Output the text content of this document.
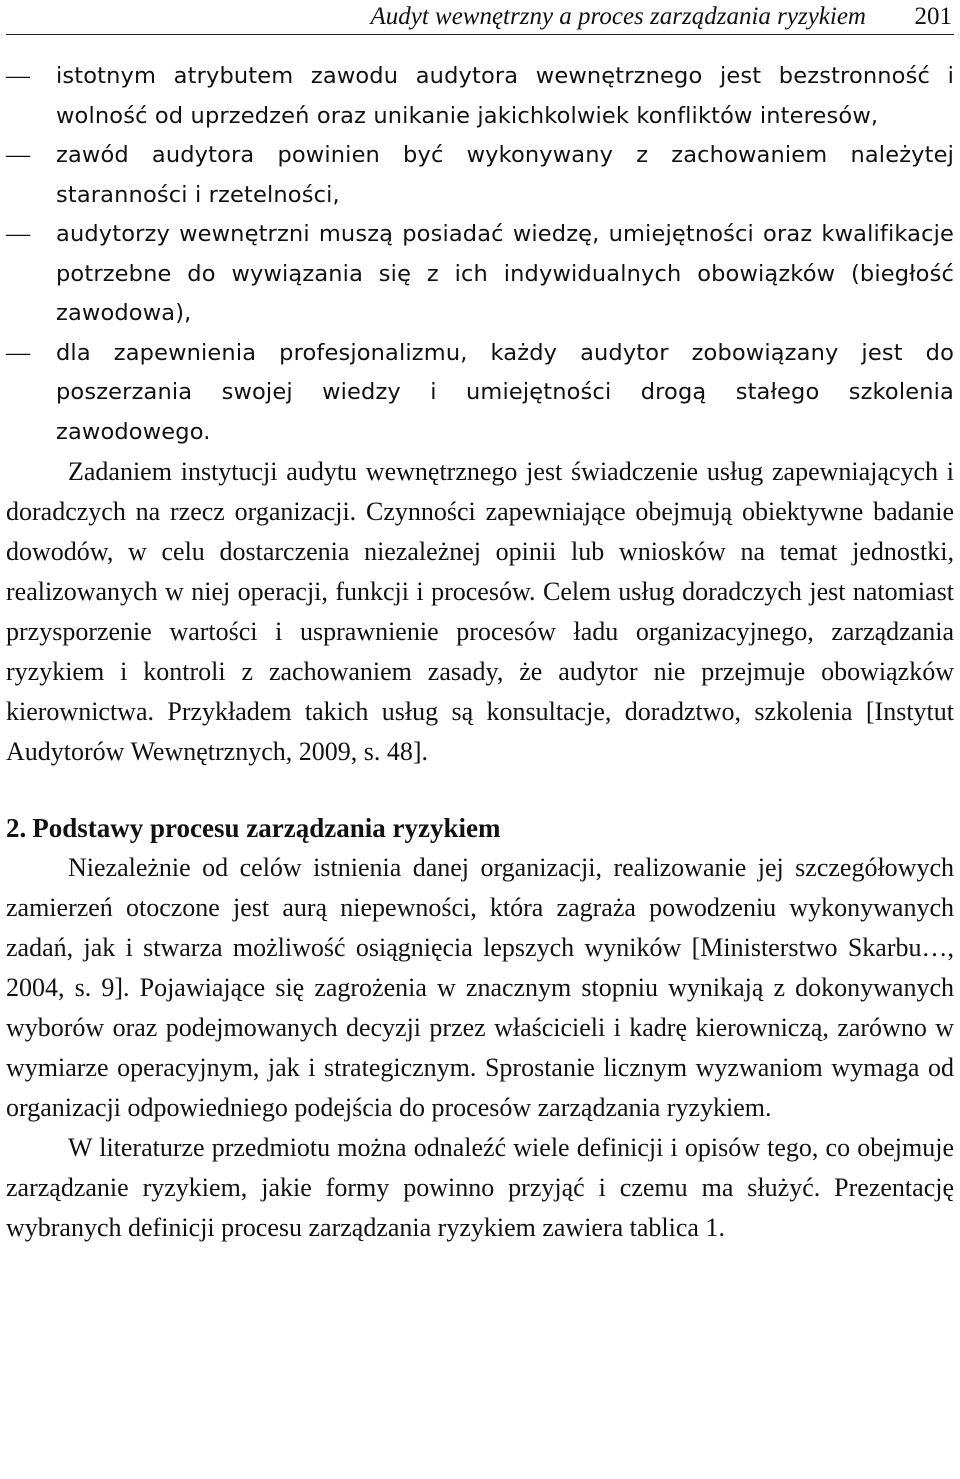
Audyt wewnętrzny a proces zarządzania ryzykiem 201
— istotnym atrybutem zawodu audytora wewnętrznego jest bezstronność i wolność od uprzedzeń oraz unikanie jakichkolwiek konfliktów interesów,
— zawód audytora powinien być wykonywany z zachowaniem należytej staranności i rzetelności,
— audytorzy wewnętrzni muszą posiadać wiedzę, umiejętności oraz kwalifikacje potrzebne do wywiązania się z ich indywidualnych obowiązków (biegłość zawodowa),
— dla zapewnienia profesjonalizmu, każdy audytor zobowiązany jest do poszerzania swojej wiedzy i umiejętności drogą stałego szkolenia zawodowego.

Zadaniem instytucji audytu wewnętrznego jest świadczenie usług zapewniających i doradczych na rzecz organizacji. Czynności zapewniające obejmują obiektywne badanie dowodów, w celu dostarczenia niezależnej opinii lub wniosków na temat jednostki, realizowanych w niej operacji, funkcji i procesów. Celem usług doradczych jest natomiast przysporzenie wartości i usprawnienie procesów ładu organizacyjnego, zarządzania ryzykiem i kontroli z zachowaniem zasady, że audytor nie przejmuje obowiązków kierownictwa. Przykładem takich usług są konsultacje, doradztwo, szkolenia [Instytut Audytorów Wewnętrznych, 2009, s. 48].

2. Podstawy procesu zarządzania ryzykiem

Niezależnie od celów istnienia danej organizacji, realizowanie jej szczegółowych zamierzeń otoczone jest aurą niepewności, która zagraża powodzeniu wykonywanych zadań, jak i stwarza możliwość osiągnięcia lepszych wyników [Ministerstwo Skarbu…, 2004, s. 9]. Pojawiające się zagrożenia w znacznym stopniu wynikają z dokonywanych wyborów oraz podejmowanych decyzji przez właścicieli i kadrę kierowniczą, zarówno w wymiarze operacyjnym, jak i strategicznym. Sprostanie licznym wyzwaniom wymaga od organizacji odpowiedniego podejścia do procesów zarządzania ryzykiem.

W literaturze przedmiotu można odnaleźć wiele definicji i opisów tego, co obejmuje zarządzanie ryzykiem, jakie formy powinno przyjąć i czemu ma służyć. Prezentację wybranych definicji procesu zarządzania ryzykiem zawiera tablica 1.
